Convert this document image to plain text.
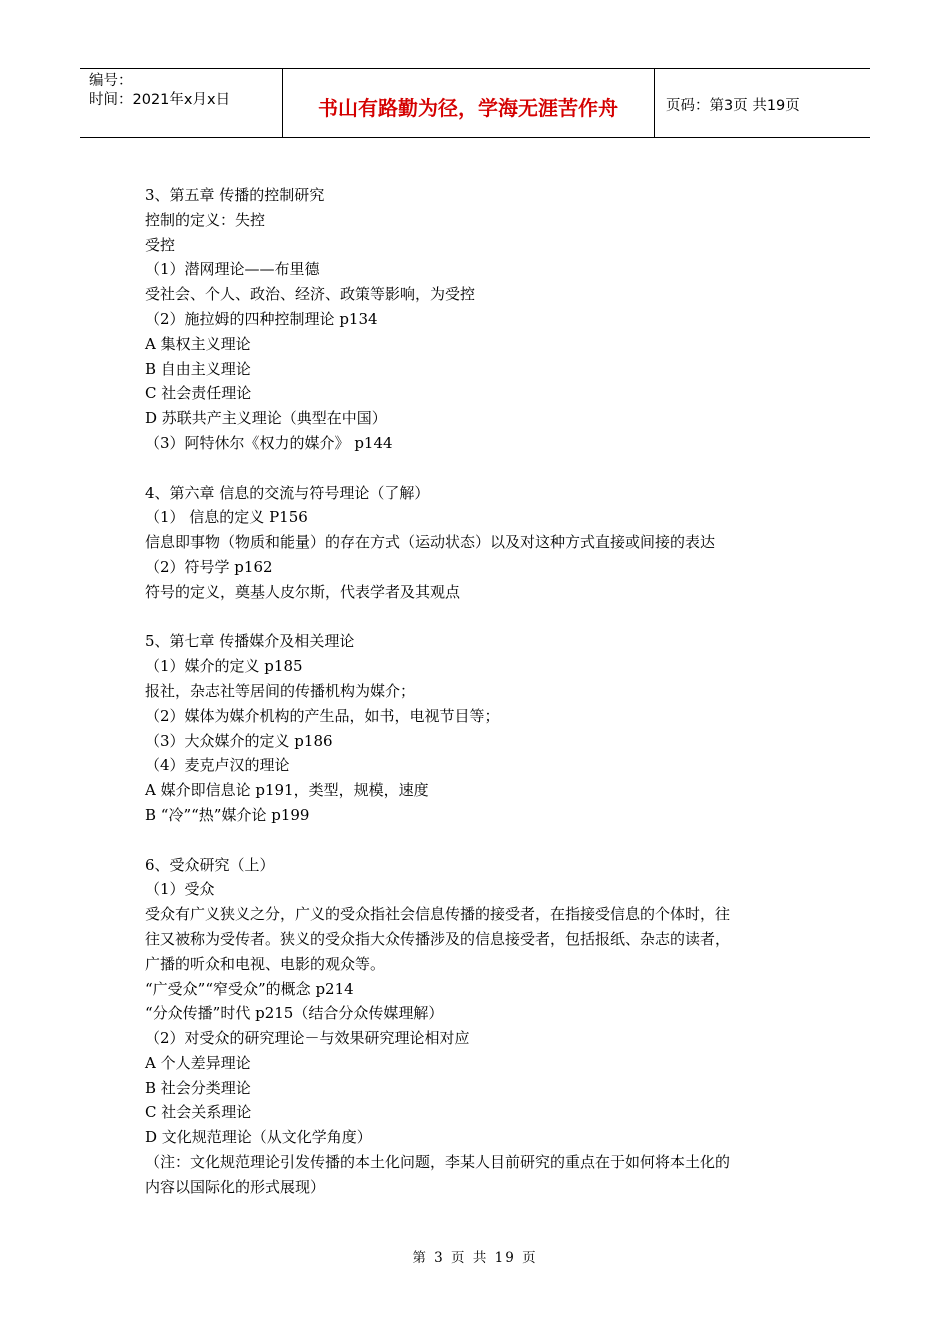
编号：
时间：2021年x月x日	书山有路勤为径，学海无涯苦作舟	页码：第3页 共19页

3、第五章 传播的控制研究

控制的定义：失控

受控

（1）潜网理论——布里德

受社会、个人、政治、经济、政策等影响，为受控

（2）施拉姆的四种控制理论 p134

A 集权主义理论

B 自由主义理论

C 社会责任理论

D 苏联共产主义理论（典型在中国）

（3）阿特休尔《权力的媒介》 p144

4、第六章 信息的交流与符号理论（了解）

（1） 信息的定义 P156

信息即事物（物质和能量）的存在方式（运动状态）以及对这种方式直接或间接的表达

（2）符号学 p162

符号的定义，奠基人皮尔斯，代表学者及其观点

5、第七章 传播媒介及相关理论

（1）媒介的定义 p185

报社，杂志社等居间的传播机构为媒介；

（2）媒体为媒介机构的产生品，如书，电视节目等；

（3）大众媒介的定义 p186

（4）麦克卢汉的理论

A 媒介即信息论 p191，类型，规模，速度

B “冷”“热”媒介论 p199

6、受众研究（上）

（1）受众

受众有广义狭义之分，广义的受众指社会信息传播的接受者，在指接受信息的个体时，往

往又被称为受传者。狭义的受众指大众传播涉及的信息接受者，包括报纸、杂志的读者，

广播的听众和电视、电影的观众等。

“广受众”“窄受众”的概念 p214

“分众传播”时代 p215（结合分众传媒理解）

（2）对受众的研究理论－与效果研究理论相对应

A 个人差异理论

B 社会分类理论

C 社会关系理论

D 文化规范理论（从文化学角度）

（注：文化规范理论引发传播的本土化问题，李某人目前研究的重点在于如何将本土化的

内容以国际化的形式展现）

第 3 页 共 19 页
